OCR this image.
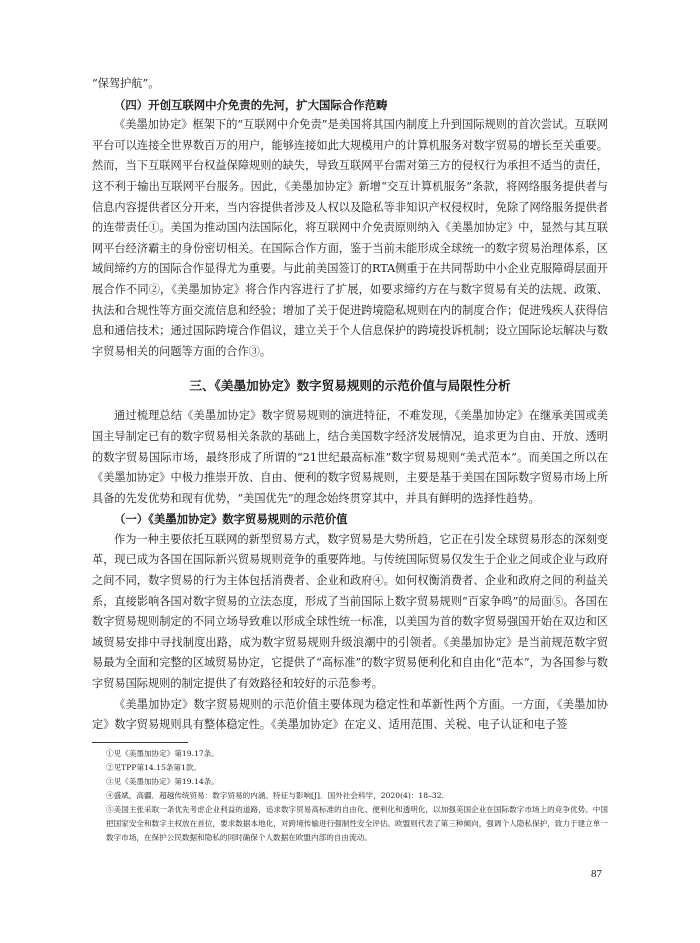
“保驾护航”。

（四）开创互联网中介免责的先河，扩大国际合作范畴

《美墨加协定》框架下的“互联网中介免责”是美国将其国内制度上升到国际规则的首次尝试。互联网平台可以连接全世界数百万的用户，能够连接如此大规模用户的计算机服务对数字贸易的增长至关重要。然而，当下互联网平台权益保障规则的缺失，导致互联网平台需对第三方的侵权行为承担不适当的责任，这不利于输出互联网平台服务。因此，《美墨加协定》新增“交互计算机服务”条款，将网络服务提供者与信息内容提供者区分开来，当内容提供者涉及人权以及隐私等非知识产权侵权时，免除了网络服务提供者的连带责任①。美国为推动国内法国际化，将互联网中介免责原则纳入《美墨加协定》中，显然与其互联网平台经济霸主的身份密切相关。在国际合作方面，鉴于当前未能形成全球统一的数字贸易治理体系，区域间缔约方的国际合作显得尤为重要。与此前美国签订的RTA侧重于在共同帮助中小企业克服障碍层面开展合作不同②，《美墨加协定》将合作内容进行了扩展，如要求缔约方在与数字贸易有关的法规、政策、执法和合规性等方面交流信息和经验；增加了关于促进跨境隐私规则在内的制度合作；促进残疾人获得信息和通信技术；通过国际跨境合作倡议，建立关于个人信息保护的跨境投诉机制；设立国际论坛解决与数字贸易相关的问题等方面的合作③。

三、《美墨加协定》数字贸易规则的示范价值与局限性分析

通过梳理总结《美墨加协定》数字贸易规则的演进特征，不难发现，《美墨加协定》在继承美国或美国主导制定已有的数字贸易相关条款的基础上，结合美国数字经济发展情况，追求更为自由、开放、透明的数字贸易国际市场，最终形成了所谓的“21世纪最高标准”数字贸易规则“美式范本”。而美国之所以在《美墨加协定》中极力推崇开放、自由、便利的数字贸易规则，主要是基于美国在国际数字贸易市场上所具备的先发优势和现有优势，“美国优先”的理念始终贯穿其中，并具有鲜明的选择性趋势。

（一）《美墨加协定》数字贸易规则的示范价值

作为一种主要依托互联网的新型贸易方式，数字贸易是大势所趋，它正在引发全球贸易形态的深刻变革，现已成为各国在国际新兴贸易规则竞争的重要阵地。与传统国际贸易仅发生于企业之间或企业与政府之间不同，数字贸易的行为主体包括消费者、企业和政府④。如何权衡消费者、企业和政府之间的利益关系，直接影响各国对数字贸易的立法态度，形成了当前国际上数字贸易规则“百家争鸣”的局面⑤。各国在数字贸易规则制定的不同立场导致难以形成全球性统一标准，以美国为首的数字贸易强国开始在双边和区域贸易安排中寻找制度出路，成为数字贸易规则升级浪潮中的引领者。《美墨加协定》是当前规范数字贸易最为全面和完整的区域贸易协定，它提供了“高标准”的数字贸易便利化和自由化“范本”，为各国参与数字贸易国际规则的制定提供了有效路径和较好的示范参考。

《美墨加协定》数字贸易规则的示范价值主要体现为稳定性和革新性两个方面。一方面，《美墨加协定》数字贸易规则具有整体稳定性。《美墨加协定》在定义、适用范围、关税、电子认证和电子签

①见《美墨加协定》第19.17条。

②见TPP第14.15条第1款。

③见《美墨加协定》第19.14条。

④盛斌，高疆．超越传统贸易：数字贸易的内涵、特征与影响[J]．国外社会科学，2020(4)：18–32.

⑤美国主张采取一条优先考虑企业利益的道路，追求数字贸易高标准的自由化、便利化和透明化，以加强美国企业在国际数字市场上的竞争优势。中国把国家安全和数字主权放在首位，要求数据本地化，对跨境传输进行强制性安全评估。欧盟则代表了第三种倾向，强调个人隐私保护，致力于建立单一数字市场，在保护公民数据和隐私的同时确保个人数据在欧盟内部的自由流动。

87
